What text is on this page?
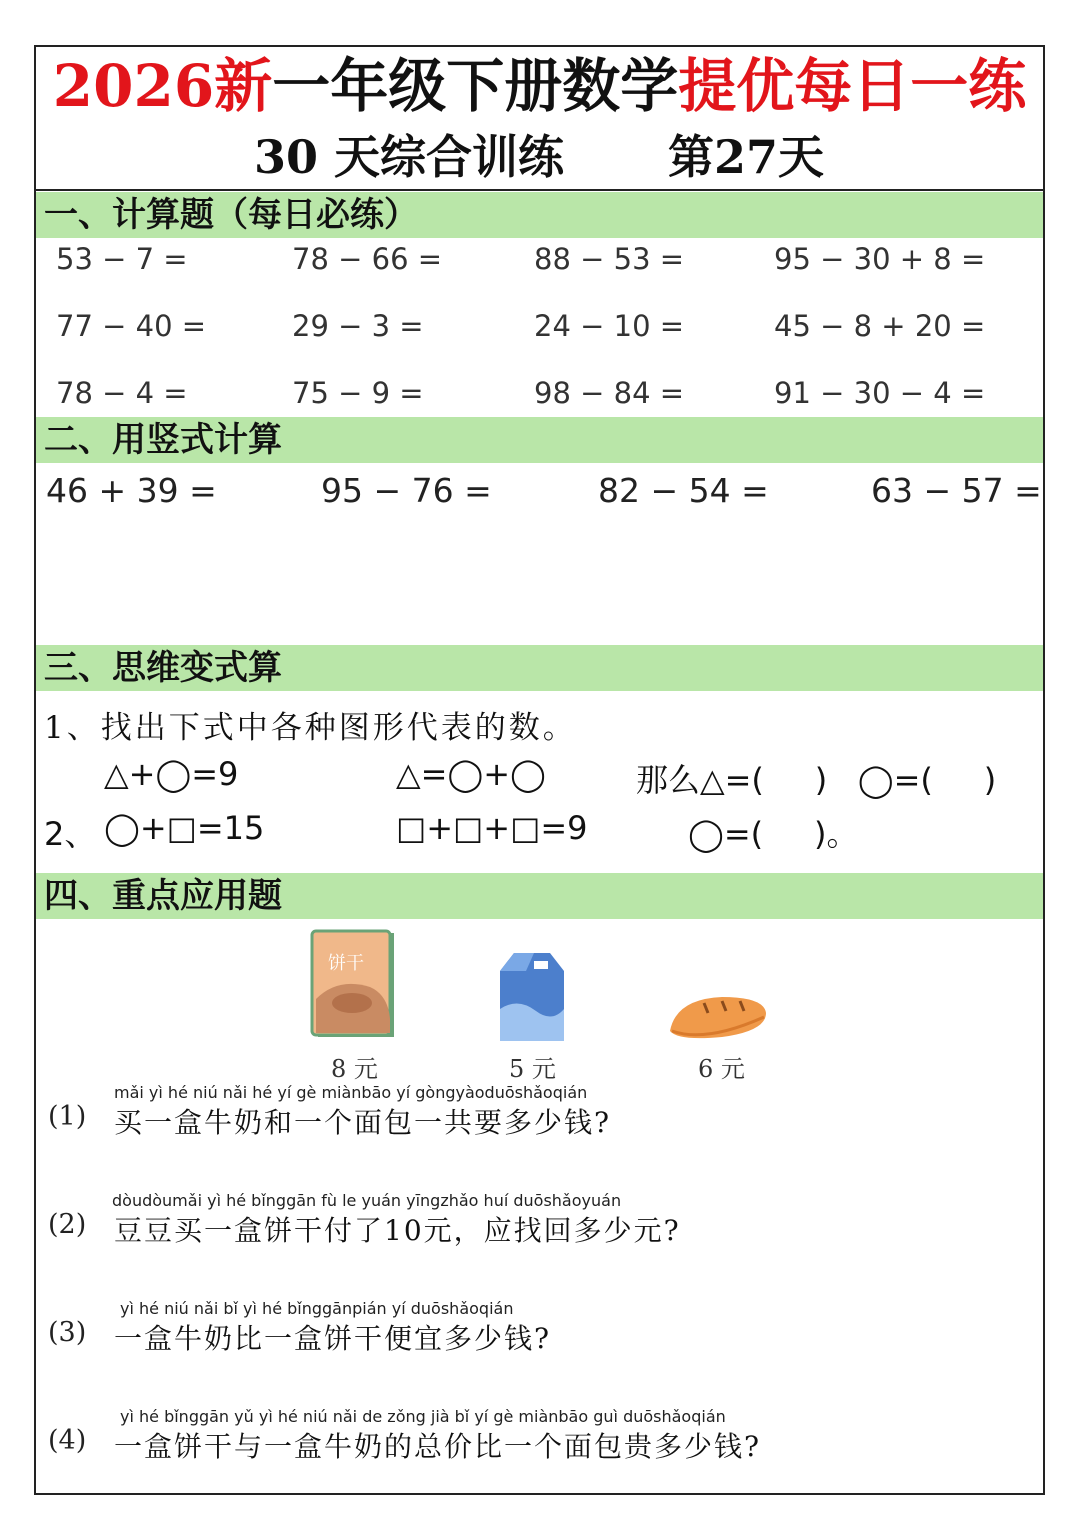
2026新一年级下册数学提优每日一练
30 天综合训练 第27天
一、计算题（每日必练）
53 − 7 =	78 − 66 =	88 − 53 =	95 − 30 + 8 =
77 − 40 =	29 − 3 =	24 − 10 =	45 − 8 + 20 =
78 − 4 =	75 − 9 =	98 − 84 =	91 − 30 − 4 =
二、用竖式计算
46 + 39 =	95 − 76 =	82 − 54 =	63 − 57 =
三、思维变式算
1、找出下式中各种图形代表的数。
△+◯=9	△=◯+◯	那么△=(     )   ◯=(     )
2、 ◯+□=15	□+□+□=9	◯=(     )。
四、重点应用题
饼干
8 元	5 元	6 元
mǎi yì hé niú nǎi hé yí gè miànbāo yí gòngyàoduōshǎoqián
(1) 买一盒牛奶和一个面包一共要多少钱?
dòudòumǎi yì hé bǐnggān fù le yuán yīngzhǎo huí duōshǎoyuán
(2) 豆豆买一盒饼干付了10元，应找回多少元?
yì hé niú nǎi bǐ yì hé bǐnggānpián yí duōshǎoqián
(3) 一盒牛奶比一盒饼干便宜多少钱?
yì hé bǐnggān yǔ yì hé niú nǎi de zǒng jià bǐ yí gè miànbāo guì duōshǎoqián
(4) 一盒饼干与一盒牛奶的总价比一个面包贵多少钱?
